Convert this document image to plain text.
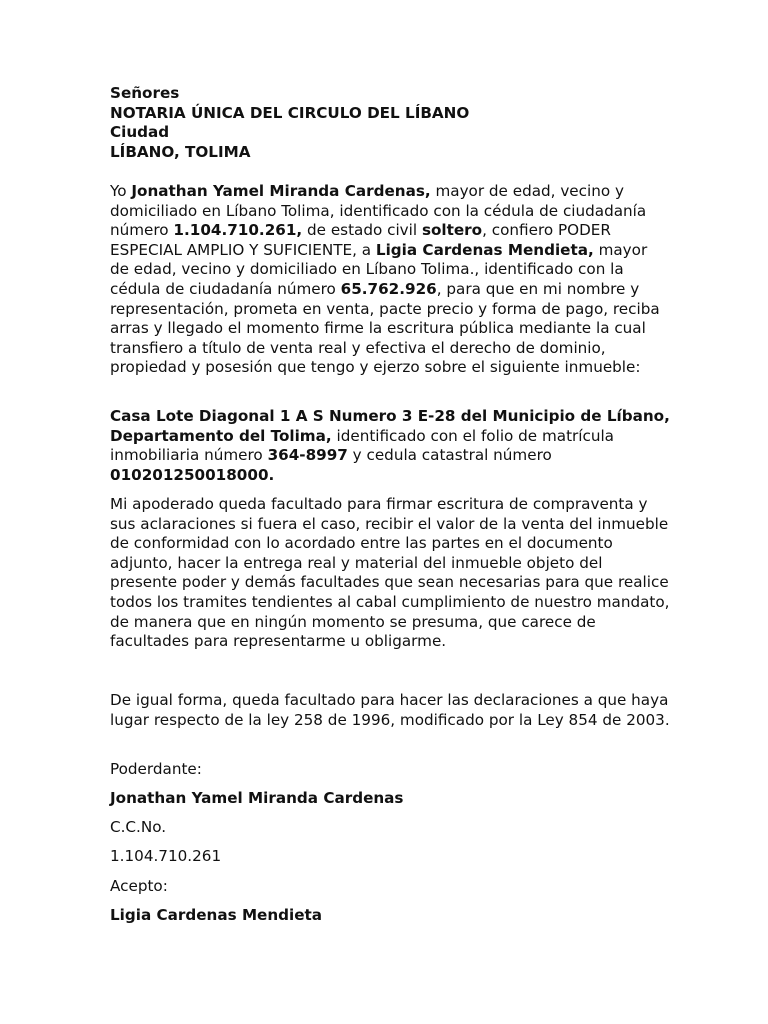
Señores

NOTARIA ÚNICA DEL CIRCULO DEL LÍBANO

Ciudad

LÍBANO, TOLIMA

Yo Jonathan Yamel Miranda Cardenas, mayor de edad, vecino y domiciliado en Líbano Tolima, identificado con la cédula de ciudadanía número 1.104.710.261, de estado civil soltero, confiero PODER ESPECIAL AMPLIO Y SUFICIENTE, a Ligia Cardenas Mendieta, mayor de edad, vecino y domiciliado en Líbano Tolima., identificado con la cédula de ciudadanía número 65.762.926, para que en mi nombre y representación, prometa en venta, pacte precio y forma de pago, reciba arras y llegado el momento firme la escritura pública mediante la cual transfiero a título de venta real y efectiva el derecho de dominio, propiedad y posesión que tengo y ejerzo sobre el siguiente inmueble:

Casa Lote Diagonal 1 A S Numero 3 E-28 del Municipio de Líbano, Departamento del Tolima, identificado con el folio de matrícula inmobiliaria número 364-8997 y cedula catastral número 010201250018000.

Mi apoderado queda facultado para firmar escritura de compraventa y sus aclaraciones si fuera el caso, recibir el valor de la venta del inmueble de conformidad con lo acordado entre las partes en el documento adjunto, hacer la entrega real y material del inmueble objeto del presente poder y demás facultades que sean necesarias para que realice todos los tramites tendientes al cabal cumplimiento de nuestro mandato, de manera que en ningún momento se presuma, que carece de facultades para representarme u obligarme.

De igual forma, queda facultado para hacer las declaraciones a que haya lugar respecto de la ley 258 de 1996, modificado por la Ley 854 de 2003.

Poderdante:
Jonathan Yamel Miranda Cardenas
C.C.No.
1.104.710.261
Acepto:
Ligia Cardenas Mendieta
